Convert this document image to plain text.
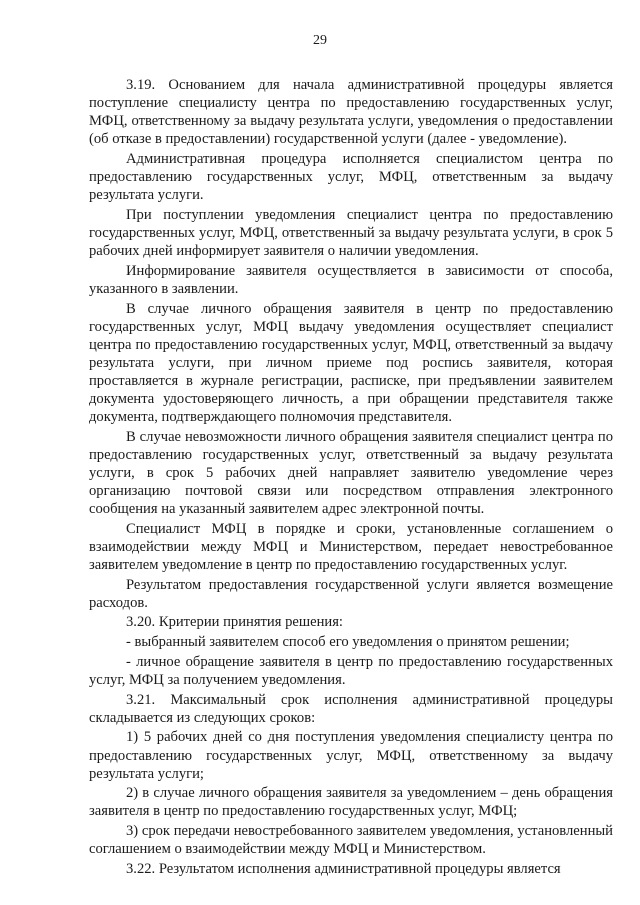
29

3.19. Основанием для начала административной процедуры является поступление специалисту центра по предоставлению государственных услуг, МФЦ, ответственному за выдачу результата услуги, уведомления о предоставлении (об отказе в предоставлении) государственной услуги (далее - уведомление).

Административная процедура исполняется специалистом центра по предоставлению государственных услуг, МФЦ, ответственным за выдачу результата услуги.

При поступлении уведомления специалист центра по предоставлению государственных услуг, МФЦ, ответственный за выдачу результата услуги, в срок 5 рабочих дней информирует заявителя о наличии уведомления.

Информирование заявителя осуществляется в зависимости от способа, указанного в заявлении.

В случае личного обращения заявителя в центр по предоставлению государственных услуг, МФЦ выдачу уведомления осуществляет специалист центра по предоставлению государственных услуг, МФЦ, ответственный за выдачу результата услуги, при личном приеме под роспись заявителя, которая проставляется в журнале регистрации, расписке, при предъявлении заявителем документа удостоверяющего личность, а при обращении представителя также документа, подтверждающего полномочия представителя.

В случае невозможности личного обращения заявителя специалист центра по предоставлению государственных услуг, ответственный за выдачу результата услуги, в срок 5 рабочих дней направляет заявителю уведомление через организацию почтовой связи или посредством отправления электронного сообщения на указанный заявителем адрес электронной почты.

Специалист МФЦ в порядке и сроки, установленные соглашением о взаимодействии между МФЦ и Министерством, передает невостребованное заявителем уведомление в центр по предоставлению государственных услуг.

Результатом предоставления государственной услуги является возмещение расходов.

3.20. Критерии принятия решения:

- выбранный заявителем способ его уведомления о принятом решении;

- личное обращение заявителя в центр по предоставлению государственных услуг, МФЦ за получением уведомления.

3.21. Максимальный срок исполнения административной процедуры складывается из следующих сроков:

1) 5 рабочих дней со дня поступления уведомления специалисту центра по предоставлению государственных услуг, МФЦ, ответственному за выдачу результата услуги;

2) в случае личного обращения заявителя за уведомлением – день обращения заявителя в центр по предоставлению государственных услуг, МФЦ;

3) срок передачи невостребованного заявителем уведомления, установленный соглашением о взаимодействии между МФЦ и Министерством.

3.22. Результатом исполнения административной процедуры является
